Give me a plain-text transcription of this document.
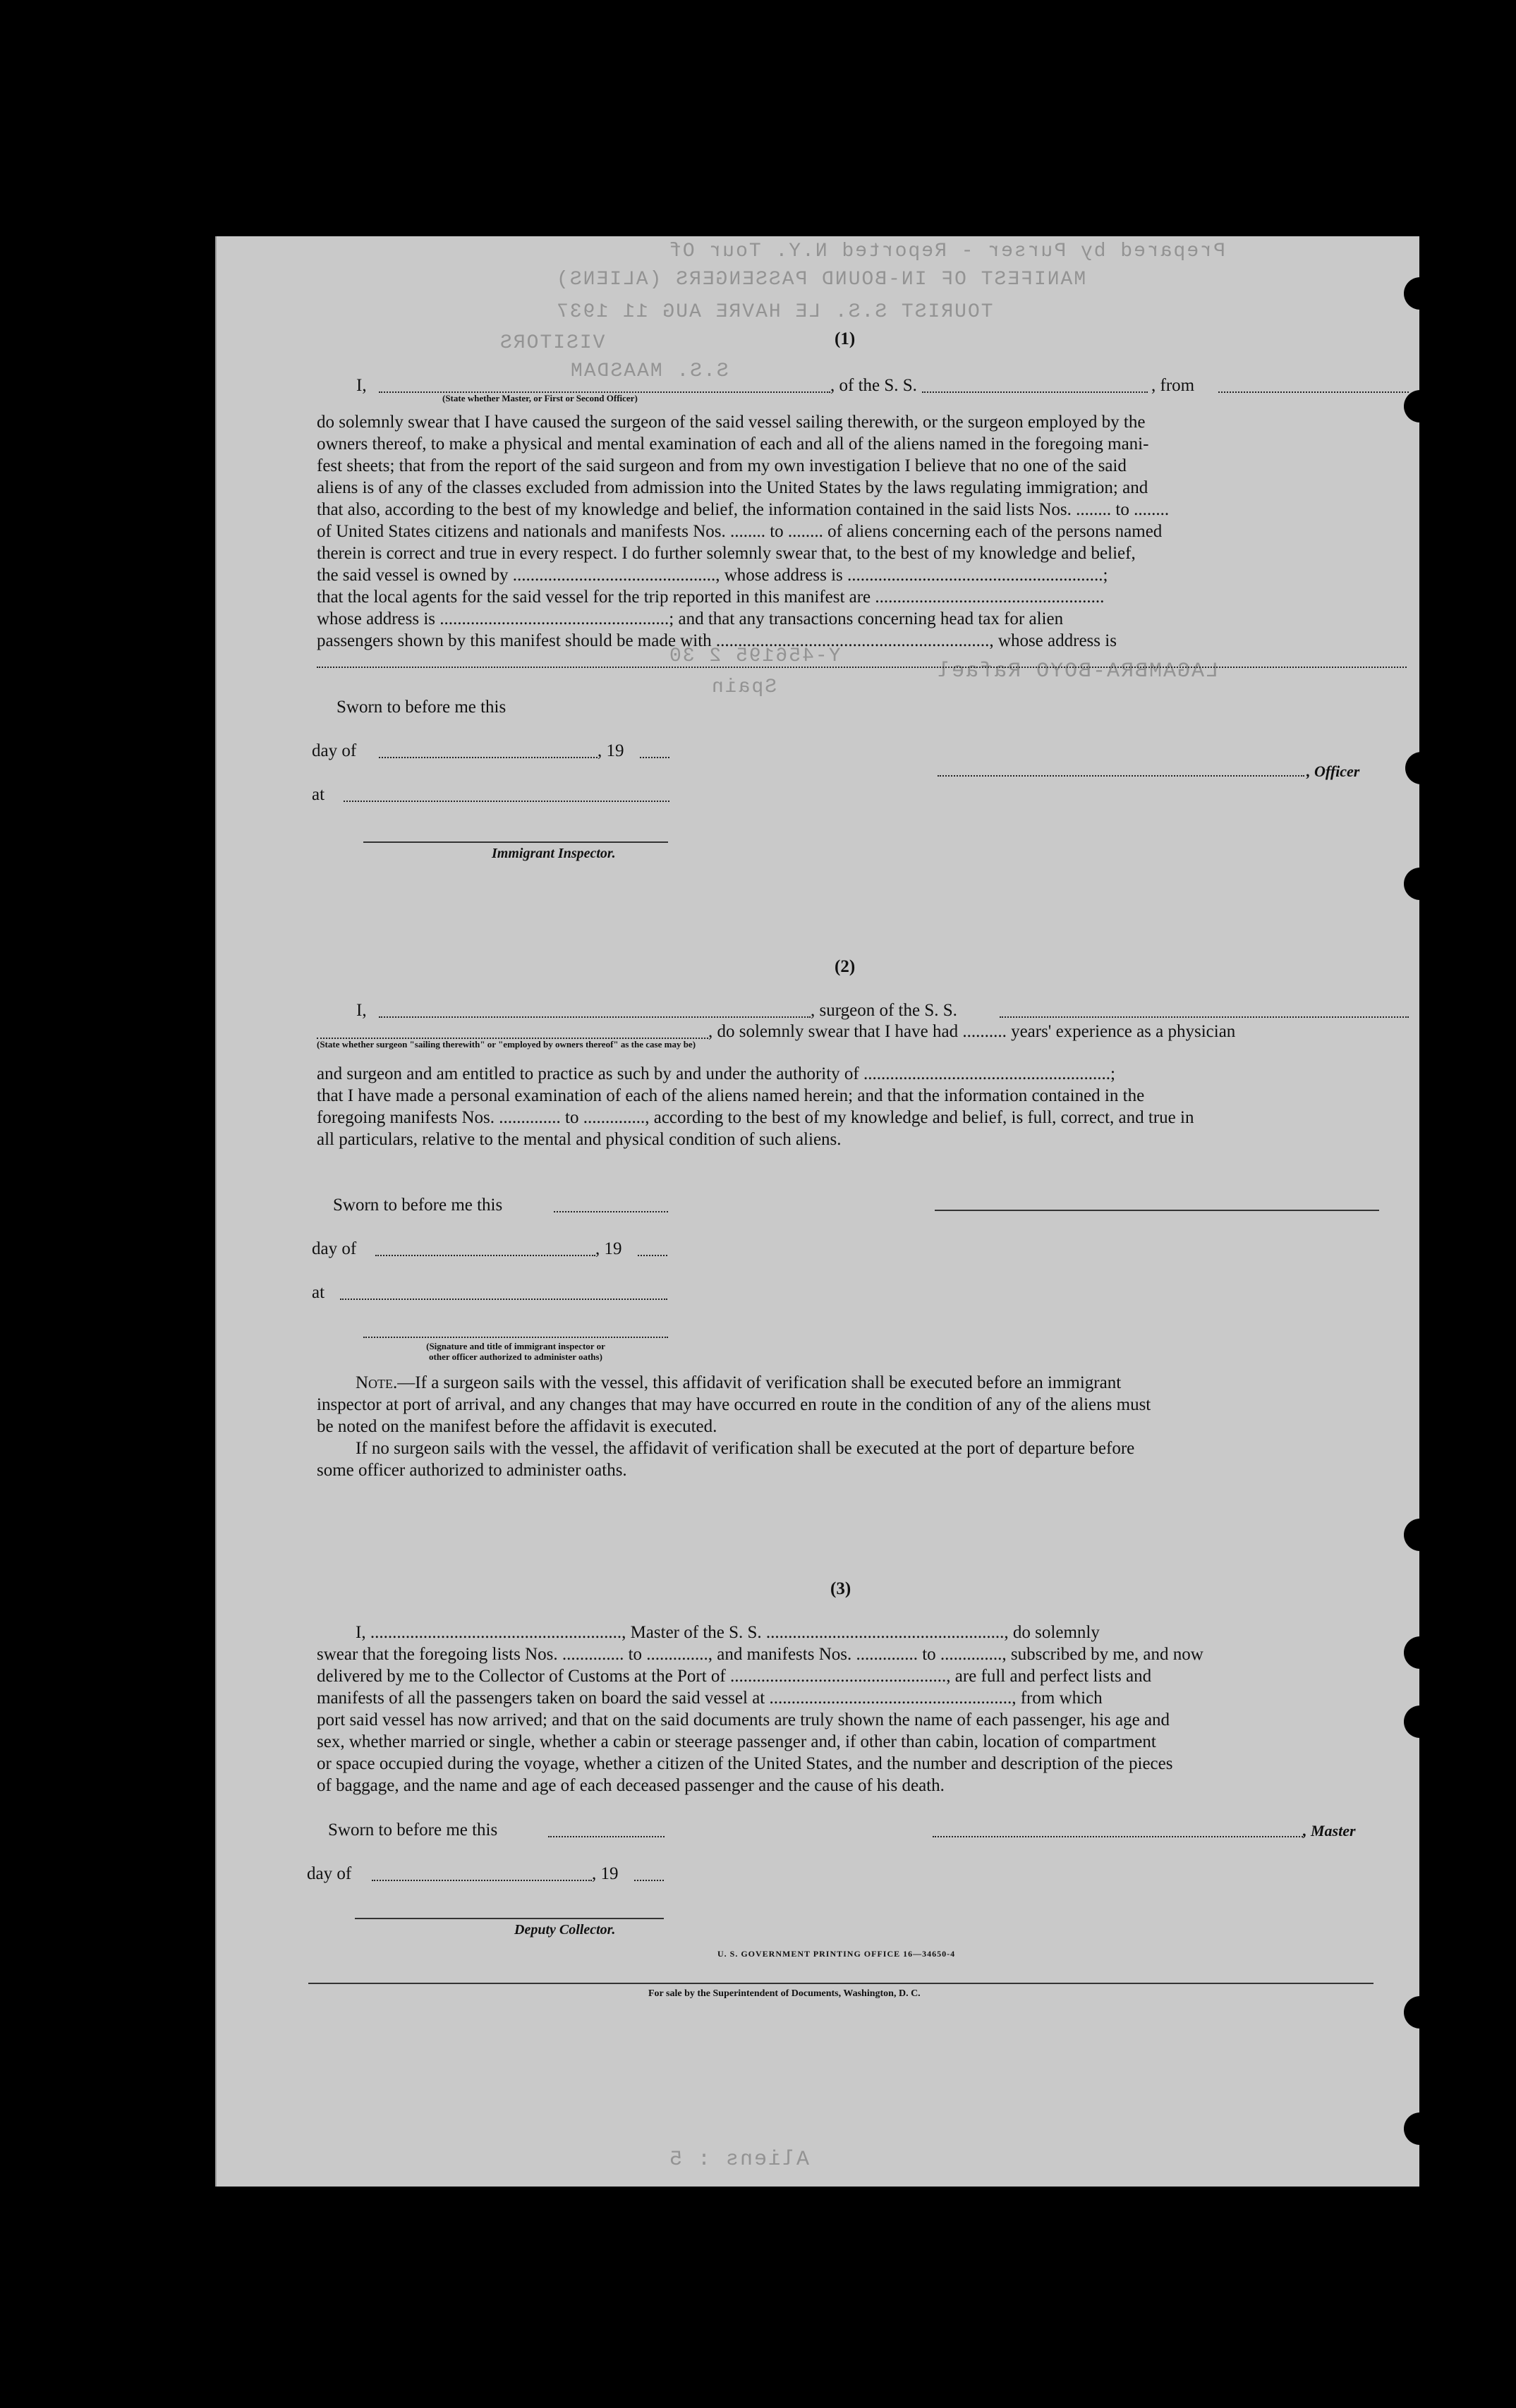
Prepared by Purser - Reported N.Y. Tour Of
MANIFEST OF IN-BOUND PASSENGERS (ALIENS)
TOURIST S.S. LE HAVRE AUG 11 1937
VISITORS
S.S. MAASDAM
LAGAMBRA-BOYO Rafael
Y-456195 2 30
Spain
Aliens : 5
(1)
I,	, of the S. S.	, from
(State whether Master, or First or Second Officer)
do solemnly swear that I have caused the surgeon of the said vessel sailing therewith, or the surgeon employed by the
owners thereof, to make a physical and mental examination of each and all of the aliens named in the foregoing mani-
fest sheets; that from the report of the said surgeon and from my own investigation I believe that no one of the said
aliens is of any of the classes excluded from admission into the United States by the laws regulating immigration; and
that also, according to the best of my knowledge and belief, the information contained in the said lists Nos. ........ to ........
of United States citizens and nationals and manifests Nos. ........ to ........ of aliens concerning each of the persons named
therein is correct and true in every respect. I do further solemnly swear that, to the best of my knowledge and belief,
the said vessel is owned by .............................................., whose address is ..........................................................;
that the local agents for the said vessel for the trip reported in this manifest are ....................................................
whose address is ....................................................; and that any transactions concerning head tax for alien
passengers shown by this manifest should be made with .............................................................., whose address is
Sworn to before me this
day of	, 19
at
, Officer
Immigrant Inspector.
(2)
I,	, surgeon of the S. S.
, do solemnly swear that I have had .......... years' experience as a physician
(State whether surgeon "sailing therewith" or "employed by owners thereof" as the case may be)
and surgeon and am entitled to practice as such by and under the authority of ........................................................;
that I have made a personal examination of each of the aliens named herein; and that the information contained in the
foregoing manifests Nos. .............. to .............., according to the best of my knowledge and belief, is full, correct, and true in
all particulars, relative to the mental and physical condition of such aliens.
Sworn to before me this
day of	, 19
at
(Signature and title of immigrant inspector or
other officer authorized to administer oaths)
Note.—If a surgeon sails with the vessel, this affidavit of verification shall be executed before an immigrant
inspector at port of arrival, and any changes that may have occurred en route in the condition of any of the aliens must
be noted on the manifest before the affidavit is executed.
If no surgeon sails with the vessel, the affidavit of verification shall be executed at the port of departure before
some officer authorized to administer oaths.
(3)
I, ........................................................., Master of the S. S. ......................................................, do solemnly
swear that the foregoing lists Nos. .............. to .............., and manifests Nos. .............. to .............., subscribed by me, and now
delivered by me to the Collector of Customs at the Port of ................................................., are full and perfect lists and
manifests of all the passengers taken on board the said vessel at ......................................................., from which
port said vessel has now arrived; and that on the said documents are truly shown the name of each passenger, his age and
sex, whether married or single, whether a cabin or steerage passenger and, if other than cabin, location of compartment
or space occupied during the voyage, whether a citizen of the United States, and the number and description of the pieces
of baggage, and the name and age of each deceased passenger and the cause of his death.
Sworn to before me this	, Master
day of	, 19
Deputy Collector.
U. S. GOVERNMENT PRINTING OFFICE 16—34650-4
For sale by the Superintendent of Documents, Washington, D. C.
